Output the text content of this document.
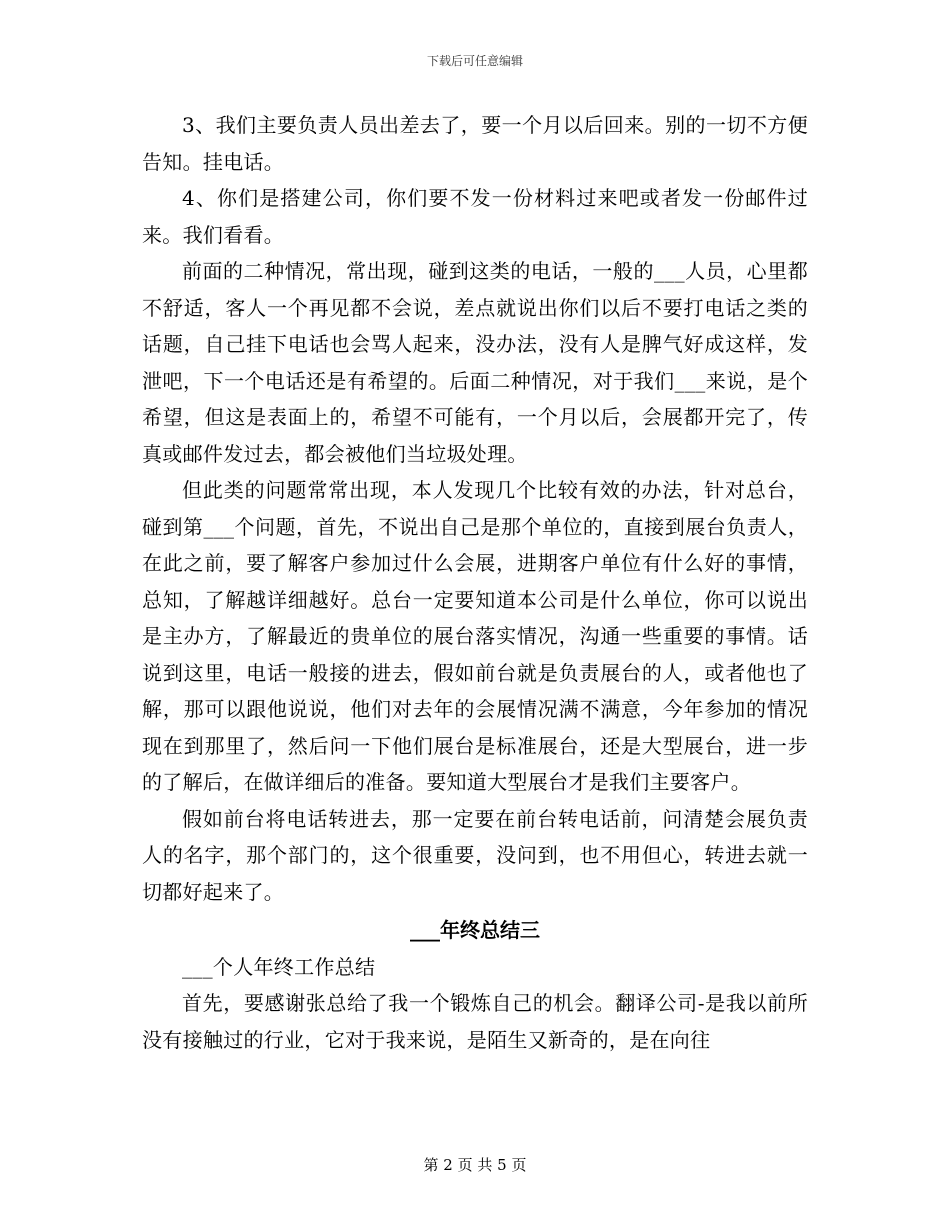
下载后可任意编辑

3、我们主要负责人员出差去了，要一个月以后回来。别的一切不方便告知。挂电话。

4、你们是搭建公司，你们要不发一份材料过来吧或者发一份邮件过来。我们看看。

前面的二种情况，常出现，碰到这类的电话，一般的___人员，心里都不舒适，客人一个再见都不会说，差点就说出你们以后不要打电话之类的话题，自己挂下电话也会骂人起来，没办法，没有人是脾气好成这样，发泄吧，下一个电话还是有希望的。后面二种情况，对于我们___来说，是个希望，但这是表面上的，希望不可能有，一个月以后，会展都开完了，传真或邮件发过去，都会被他们当垃圾处理。

但此类的问题常常出现，本人发现几个比较有效的办法，针对总台，碰到第___个问题，首先，不说出自己是那个单位的，直接到展台负责人，在此之前，要了解客户参加过什么会展，进期客户单位有什么好的事情，总知，了解越详细越好。总台一定要知道本公司是什么单位，你可以说出是主办方，了解最近的贵单位的展台落实情况，沟通一些重要的事情。话说到这里，电话一般接的进去，假如前台就是负责展台的人，或者他也了解，那可以跟他说说，他们对去年的会展情况满不满意，今年参加的情况现在到那里了，然后问一下他们展台是标准展台，还是大型展台，进一步的了解后，在做详细后的准备。要知道大型展台才是我们主要客户。

假如前台将电话转进去，那一定要在前台转电话前，问清楚会展负责人的名字，那个部门的，这个很重要，没问到，也不用但心，转进去就一切都好起来了。

___年终总结三

___个人年终工作总结

首先，要感谢张总给了我一个锻炼自己的机会。翻译公司-是我以前所没有接触过的行业，它对于我来说，是陌生又新奇的，是在向往

第 2 页 共 5 页
